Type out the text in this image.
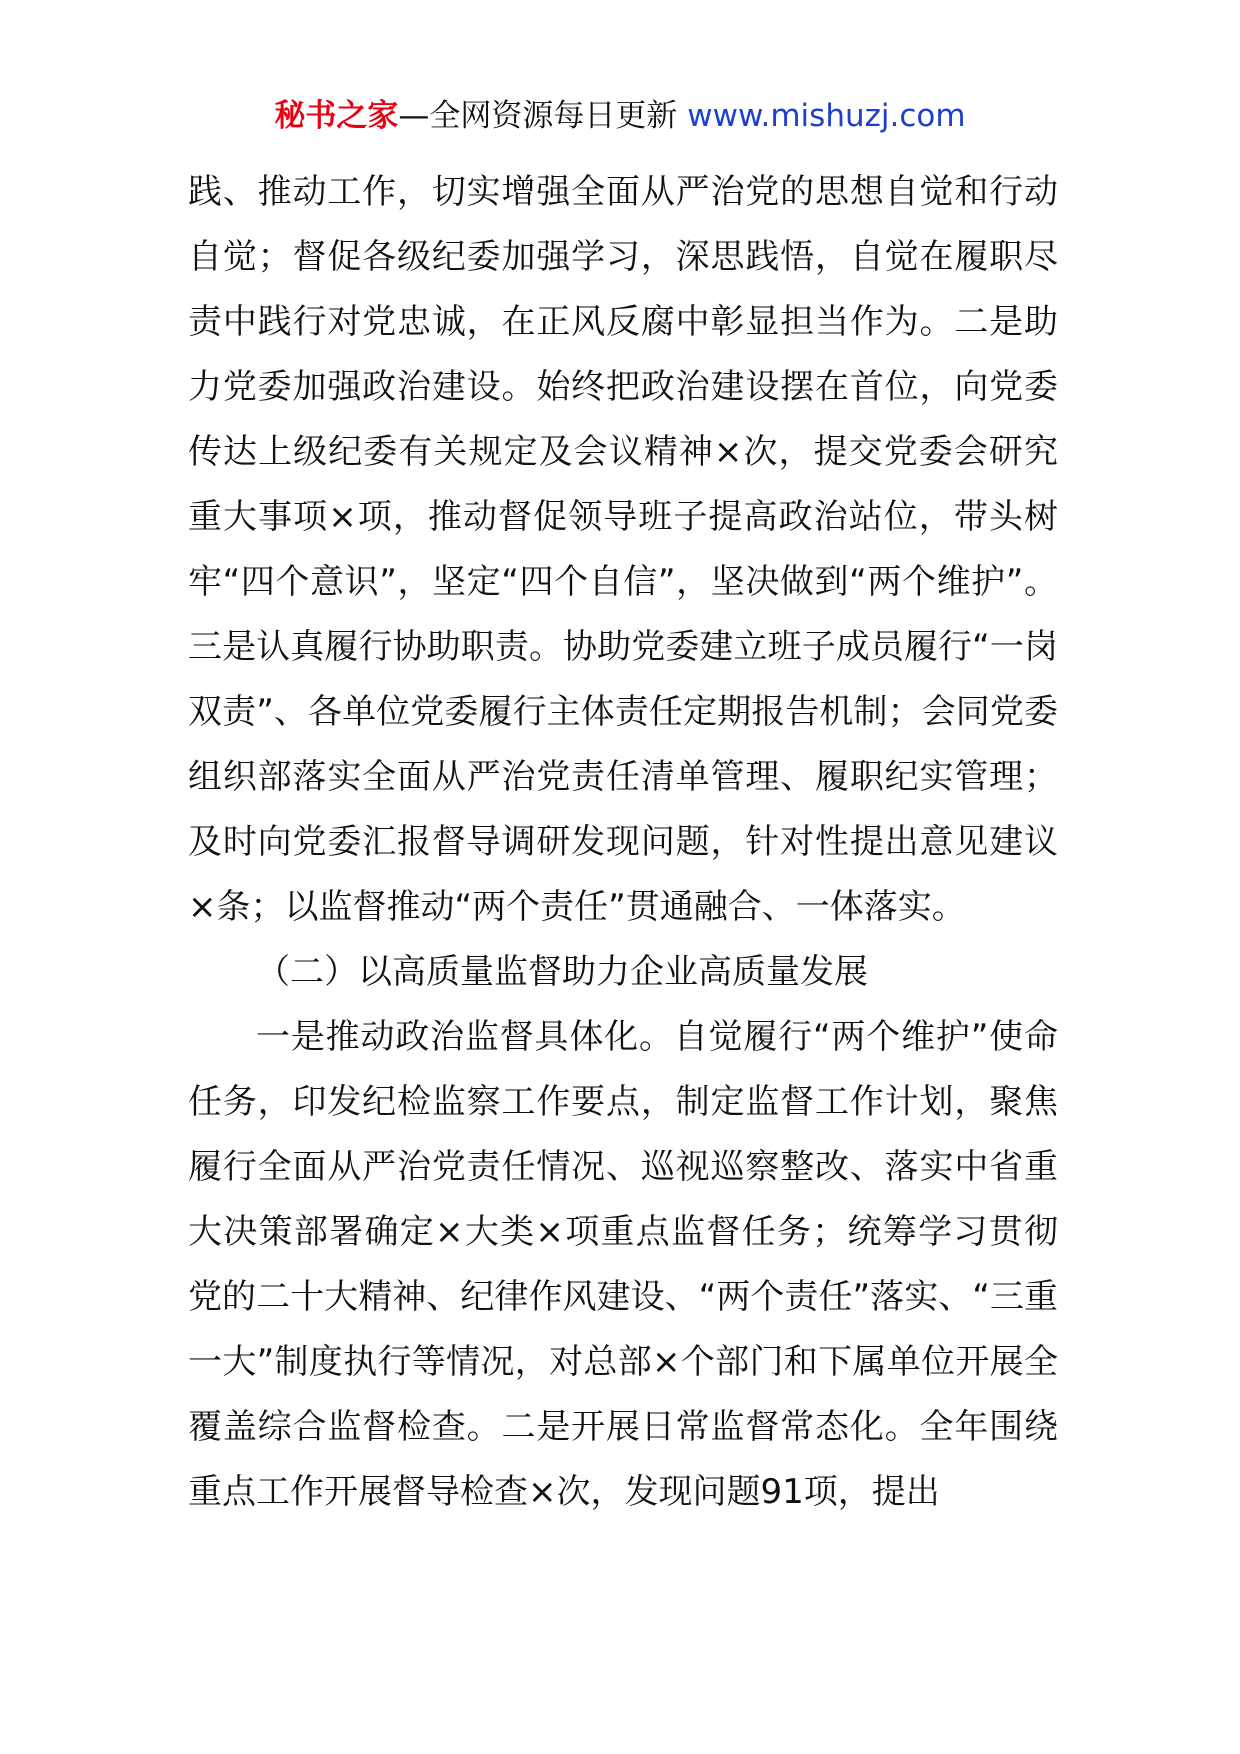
秘书之家—全网资源每日更新 www.mishuzj.com

践、推动工作，切实增强全面从严治党的思想自觉和行动自觉；督促各级纪委加强学习，深思践悟，自觉在履职尽责中践行对党忠诚，在正风反腐中彰显担当作为。二是助力党委加强政治建设。始终把政治建设摆在首位，向党委传达上级纪委有关规定及会议精神×次，提交党委会研究重大事项×项，推动督促领导班子提高政治站位，带头树牢“四个意识”，坚定“四个自信”，坚决做到“两个维护”。三是认真履行协助职责。协助党委建立班子成员履行“一岗双责”、各单位党委履行主体责任定期报告机制；会同党委组织部落实全面从严治党责任清单管理、履职纪实管理；及时向党委汇报督导调研发现问题，针对性提出意见建议×条；以监督推动“两个责任”贯通融合、一体落实。

（二）以高质量监督助力企业高质量发展

一是推动政治监督具体化。自觉履行“两个维护”使命任务，印发纪检监察工作要点，制定监督工作计划，聚焦履行全面从严治党责任情况、巡视巡察整改、落实中省重大决策部署确定×大类×项重点监督任务；统筹学习贯彻党的二十大精神、纪律作风建设、“两个责任”落实、“三重一大”制度执行等情况，对总部×个部门和下属单位开展全覆盖综合监督检查。二是开展日常监督常态化。全年围绕重点工作开展督导检查×次，发现问题91项，提出
